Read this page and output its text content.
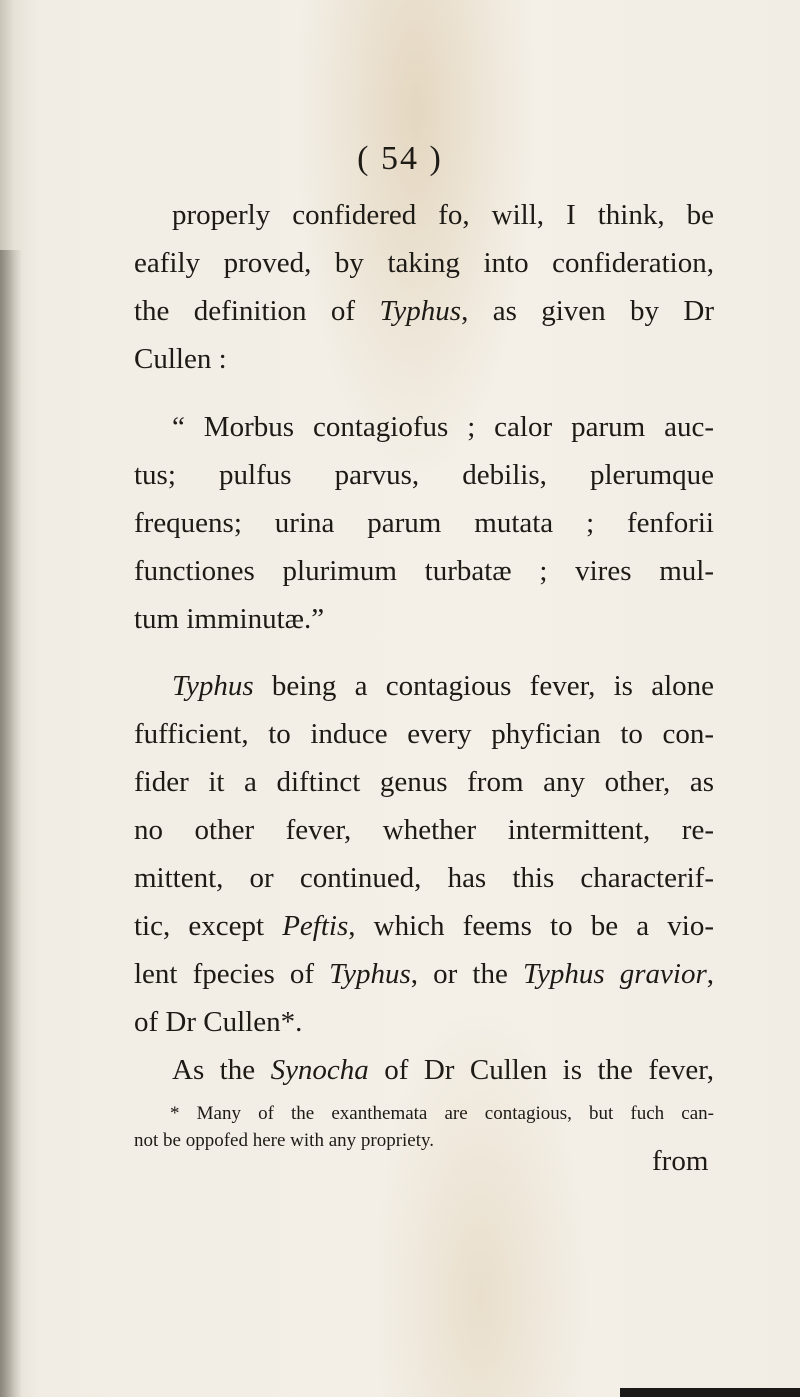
( 54 )
properly confidered fo, will, I think, be
eafily proved, by taking into confideration,
the definition of Typhus, as given by Dr
Cullen :
“ Morbus contagiofus ; calor parum auc-
tus; pulfus parvus, debilis, plerumque
frequens; urina parum mutata ; fenforii
functiones plurimum turbatæ ; vires mul-
tum imminutæ.”
Typhus being a contagious fever, is alone
fufficient, to induce every phyfician to con-
fider it a diftinct genus from any other, as
no other fever, whether intermittent, re-
mittent, or continued, has this characterif-
tic, except Peftis, which feems to be a vio-
lent fpecies of Typhus, or the Typhus gravior,
of Dr Cullen*.
As the Synocha of Dr Cullen is the fever,
* Many of the exanthemata are contagious, but fuch can-
not be oppofed here with any propriety.
from
